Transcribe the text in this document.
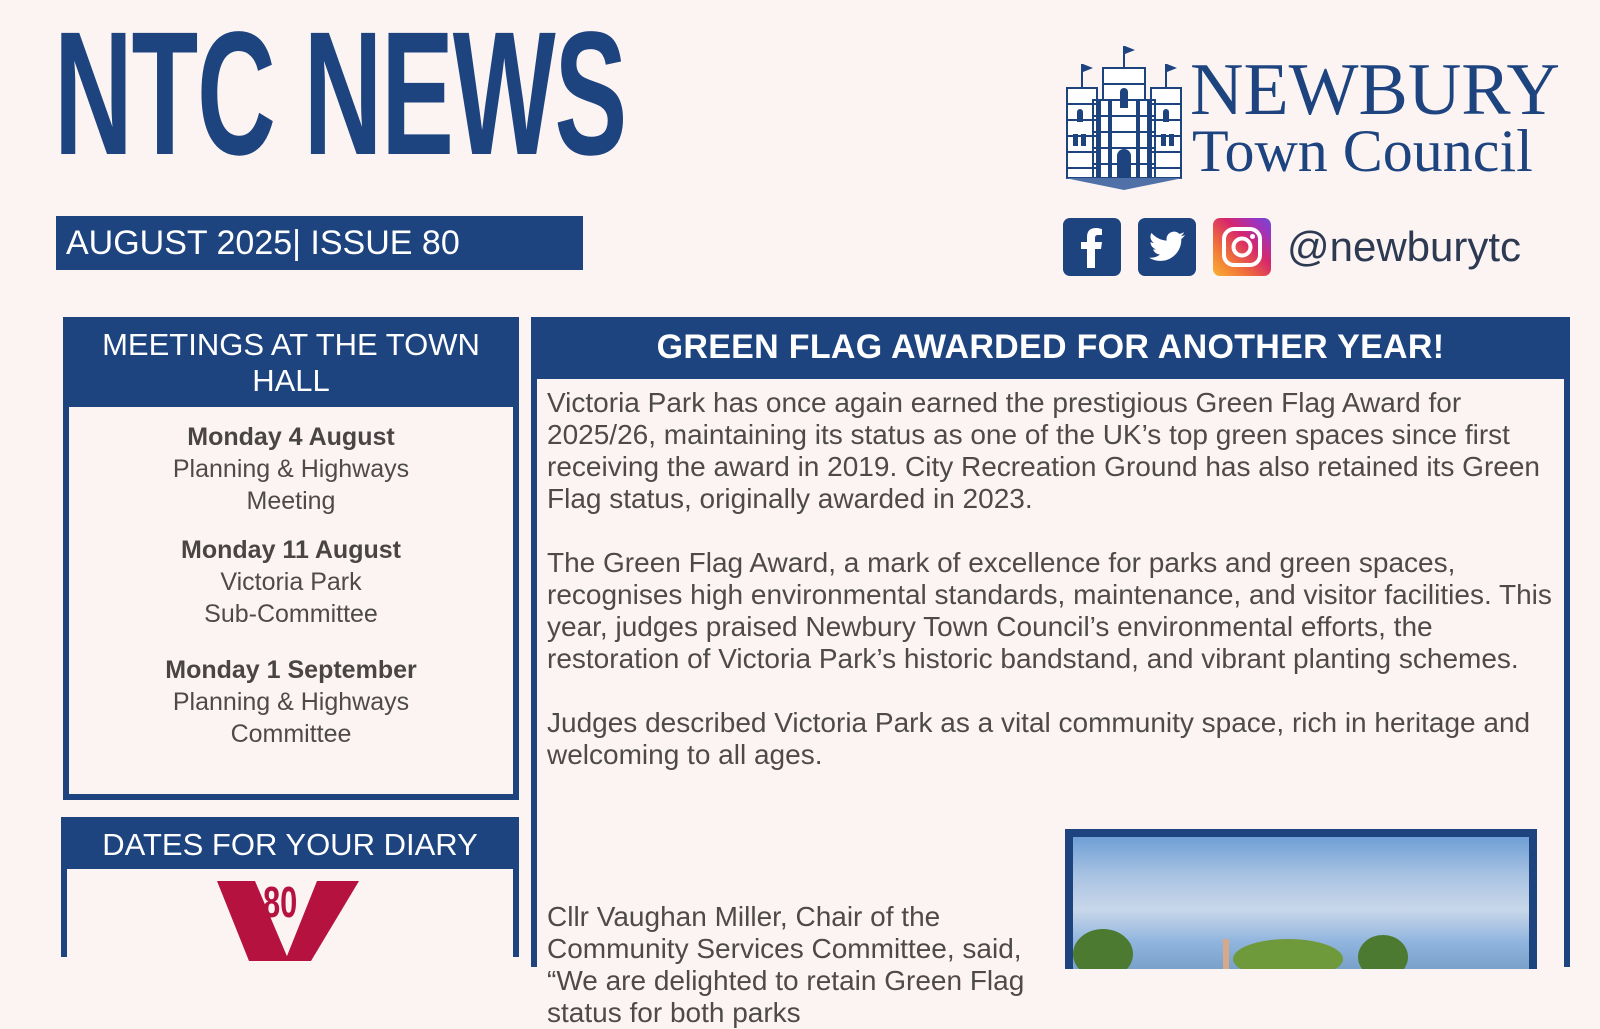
NTC NEWS
AUGUST 2025| ISSUE 80
NEWBURY
Town Council
@newburytc
MEETINGS AT THE TOWN HALL
Monday 4 August
Planning & Highways
Meeting
Monday 11 August
Victoria Park
Sub-Committee
Monday 1 September
Planning & Highways
Committee
DATES FOR YOUR DIARY
80
GREEN FLAG AWARDED FOR ANOTHER YEAR!

Victoria Park has once again earned the prestigious Green Flag Award for 2025/26, maintaining its status as one of the UK’s top green spaces since first receiving the award in 2019. City Recreation Ground has also retained its Green Flag status, originally awarded in 2023.

The Green Flag Award, a mark of excellence for parks and green spaces, recognises high environmental standards, maintenance, and visitor facilities. This year, judges praised Newbury Town Council’s environmental efforts, the restoration of Victoria Park’s historic bandstand, and vibrant planting schemes.

Judges described Victoria Park as a vital community space, rich in heritage and welcoming to all ages.

Cllr Vaughan Miller, Chair of the Community Services Committee, said, “We are delighted to retain Green Flag status for both parks
